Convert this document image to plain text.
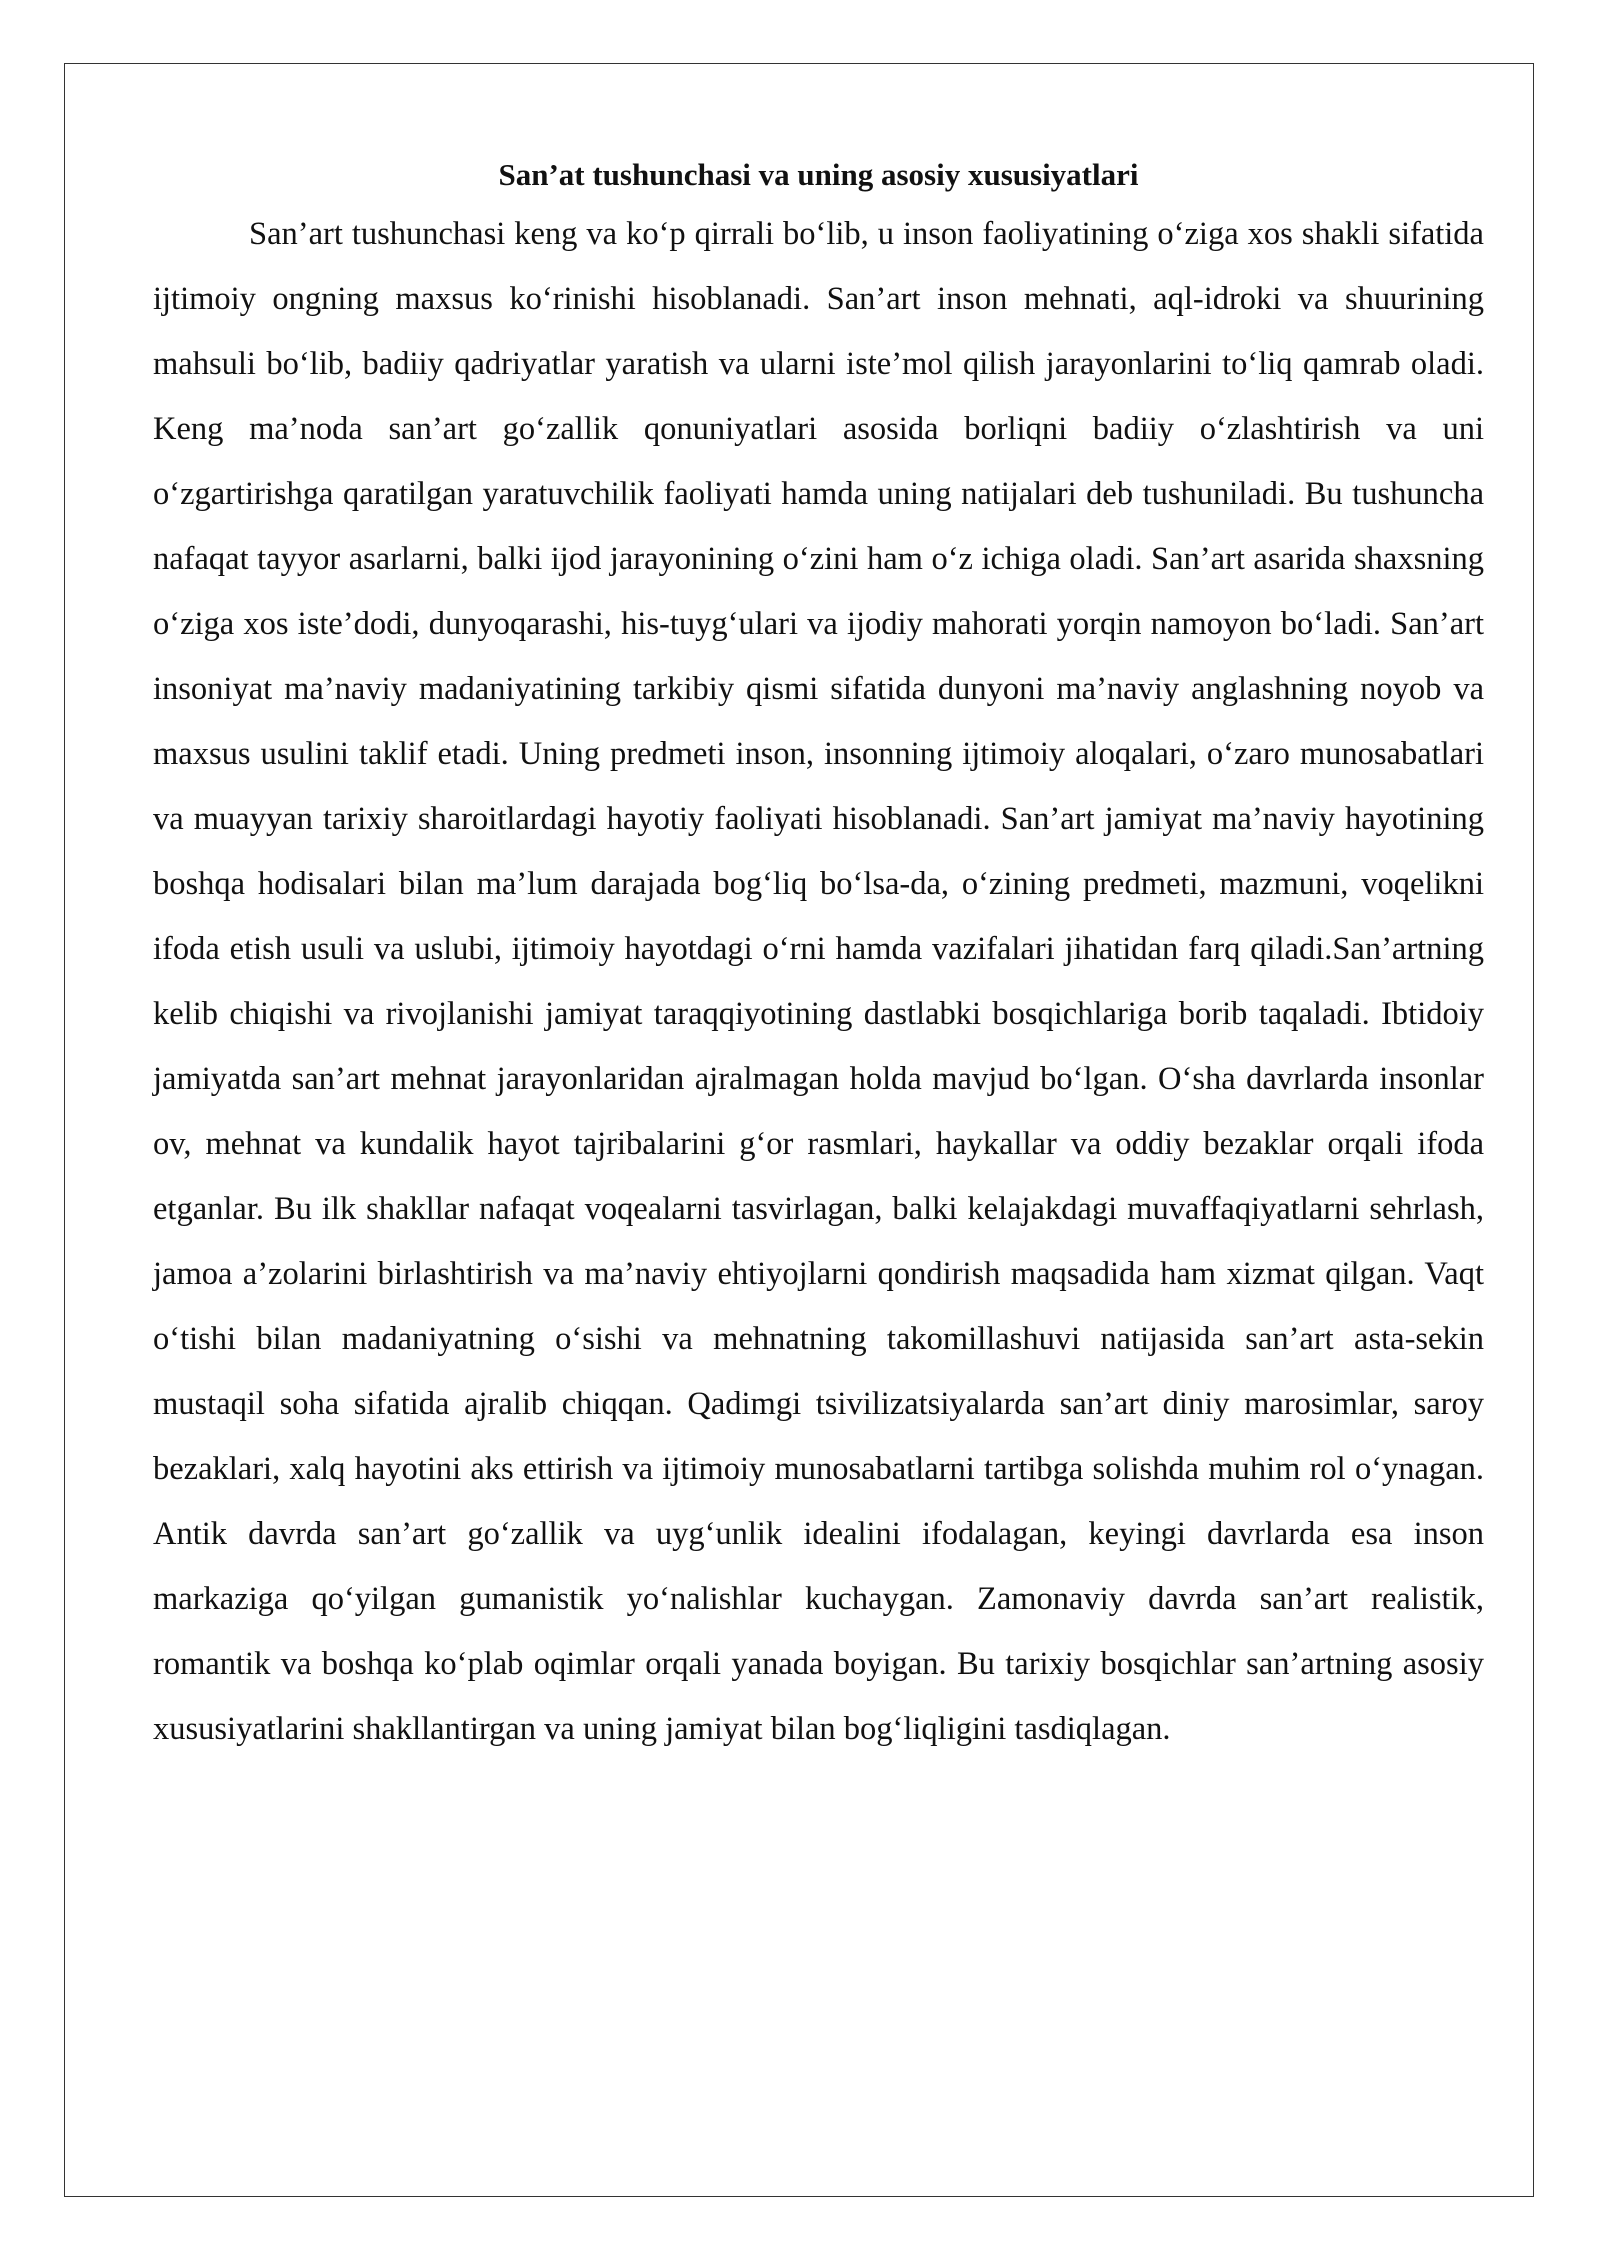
San’at tushunchasi va uning asosiy xususiyatlari

San’art tushunchasi keng va ko‘p qirrali bo‘lib, u inson faoliyatining o‘ziga xos shakli sifatida ijtimoiy ongning maxsus ko‘rinishi hisoblanadi. San’art inson mehnati, aql-idroki va shuurining mahsuli bo‘lib, badiiy qadriyatlar yaratish va ularni iste’mol qilish jarayonlarini to‘liq qamrab oladi. Keng ma’noda san’art go‘zallik qonuniyatlari asosida borliqni badiiy o‘zlashtirish va uni o‘zgartirishga qaratilgan yaratuvchilik faoliyati hamda uning natijalari deb tushuniladi. Bu tushuncha nafaqat tayyor asarlarni, balki ijod jarayonining o‘zini ham o‘z ichiga oladi. San’art asarida shaxsning o‘ziga xos iste’dodi, dunyoqarashi, his-tuyg‘ulari va ijodiy mahorati yorqin namoyon bo‘ladi. San’art insoniyat ma’naviy madaniyatining tarkibiy qismi sifatida dunyoni ma’naviy anglashning noyob va maxsus usulini taklif etadi. Uning predmeti inson, insonning ijtimoiy aloqalari, o‘zaro munosabatlari va muayyan tarixiy sharoitlardagi hayotiy faoliyati hisoblanadi. San’art jamiyat ma’naviy hayotining boshqa hodisalari bilan ma’lum darajada bog‘liq bo‘lsa-da, o‘zining predmeti, mazmuni, voqelikni ifoda etish usuli va uslubi, ijtimoiy hayotdagi o‘rni hamda vazifalari jihatidan farq qiladi.San’artning kelib chiqishi va rivojlanishi jamiyat taraqqiyotining dastlabki bosqichlariga borib taqaladi. Ibtidoiy jamiyatda san’art mehnat jarayonlaridan ajralmagan holda mavjud bo‘lgan. O‘sha davrlarda insonlar ov, mehnat va kundalik hayot tajribalarini g‘or rasmlari, haykallar va oddiy bezaklar orqali ifoda etganlar. Bu ilk shakllar nafaqat voqealarni tasvirlagan, balki kelajakdagi muvaffaqiyatlarni sehrlash, jamoa a’zolarini birlashtirish va ma’naviy ehtiyojlarni qondirish maqsadida ham xizmat qilgan. Vaqt o‘tishi bilan madaniyatning o‘sishi va mehnatning takomillashuvi natijasida san’art asta-sekin mustaqil soha sifatida ajralib chiqqan. Qadimgi tsivilizatsiyalarda san’art diniy marosimlar, saroy bezaklari, xalq hayotini aks ettirish va ijtimoiy munosabatlarni tartibga solishda muhim rol o‘ynagan. Antik davrda san’art go‘zallik va uyg‘unlik idealini ifodalagan, keyingi davrlarda esa inson markaziga qo‘yilgan gumanistik yo‘nalishlar kuchaygan. Zamonaviy davrda san’art realistik, romantik va boshqa ko‘plab oqimlar orqali yanada boyigan. Bu tarixiy bosqichlar san’artning asosiy xususiyatlarini shakllantirgan va uning jamiyat bilan bog‘liqligini tasdiqlagan.
